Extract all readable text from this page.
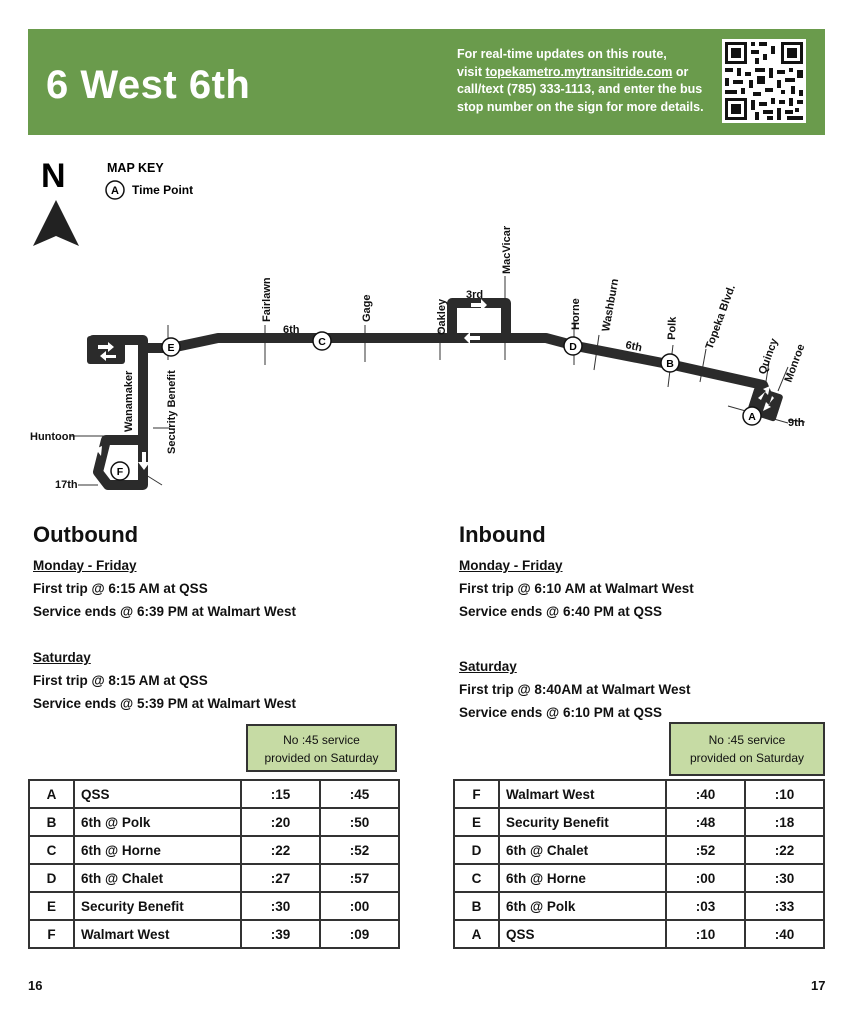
6 West 6th
For real-time updates on this route,
visit topekametro.mytransitride.com or
call/text (785) 333-1113, and enter the bus
stop number on the sign for more details.
N	MAP KEY
A Time Point
6th
6th
3rd
9th
17th
Huntoon
Wanamaker	Security Benefit
Fairlawn	Gage	Oakley
MacVicar
Horne Washburn	Polk Topeka Blvd.
Quincy Monroe
E	C	D
B
A
F
Outbound
Monday - Friday
First trip @ 6:15 AM at QSS
Service ends @ 6:39 PM at Walmart West
Saturday
First trip @ 8:15 AM at QSS
Service ends @ 5:39 PM at Walmart West
No :45 service
provided on Saturday
A	QSS	:15	:45
B	6th @ Polk	:20	:50
C	6th @ Horne	:22	:52
D	6th @ Chalet	:27	:57
E	Security Benefit	:30	:00
F	Walmart West	:39	:09
Inbound
Monday - Friday
First trip @ 6:10 AM at Walmart West
Service ends @ 6:40 PM at QSS
Saturday
First trip @ 8:40AM at Walmart West
Service ends @ 6:10 PM at QSS
No :45 service
provided on Saturday
F	Walmart West	:40	:10
E	Security Benefit	:48	:18
D	6th @ Chalet	:52	:22
C	6th @ Horne	:00	:30
B	6th @ Polk	:03	:33
A	QSS	:10	:40
16	17
